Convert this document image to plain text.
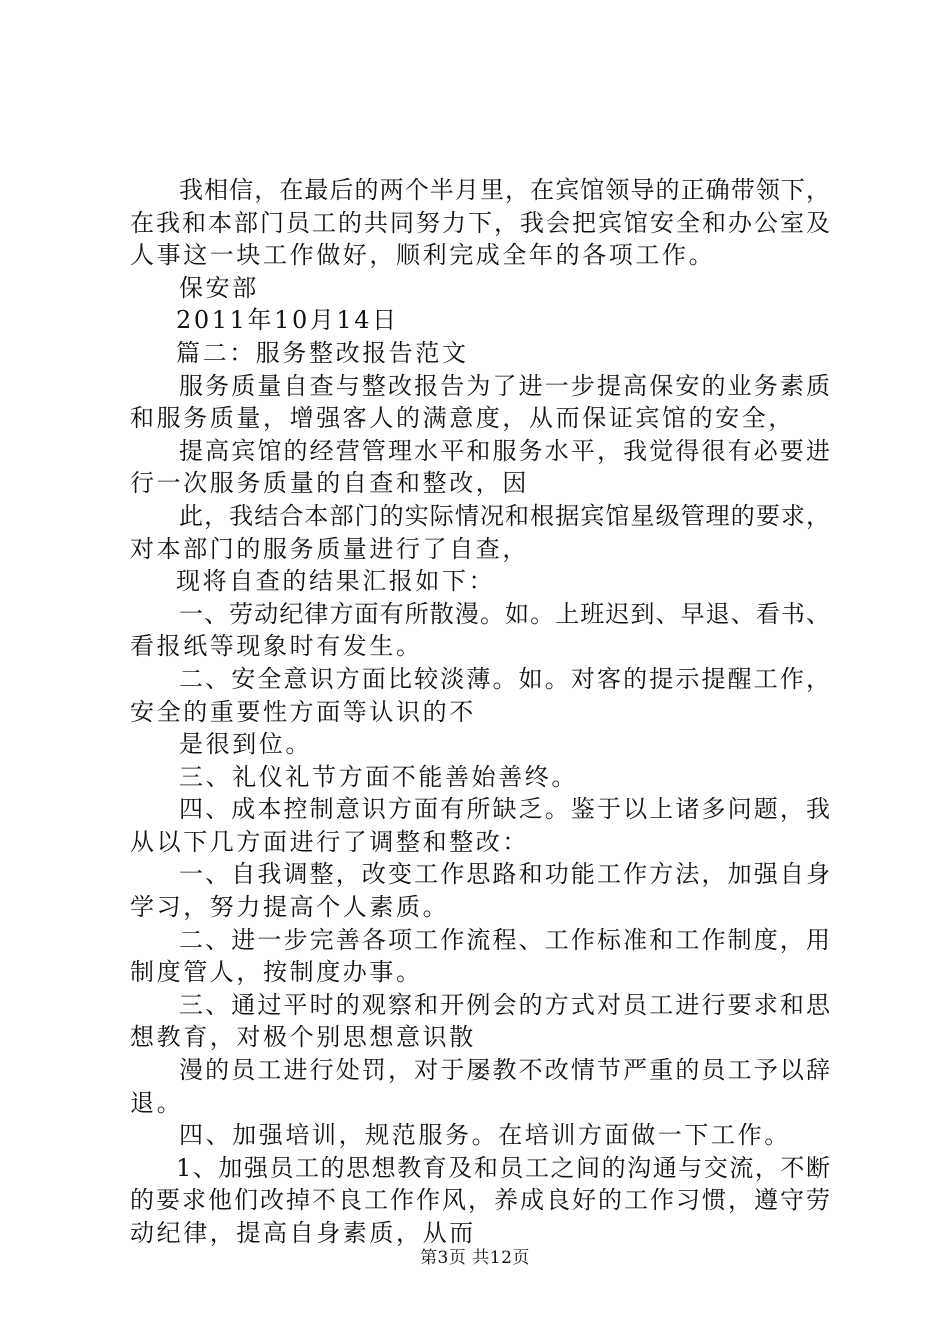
我相信，在最后的两个半月里，在宾馆领导的正确带领下，
在我和本部门员工的共同努力下，我会把宾馆安全和办公室及
人事这一块工作做好，顺利完成全年的各项工作。
保安部
2011年10月14日
篇二：服务整改报告范文
服务质量自查与整改报告为了进一步提高保安的业务素质
和服务质量，增强客人的满意度，从而保证宾馆的安全，
提高宾馆的经营管理水平和服务水平，我觉得很有必要进
行一次服务质量的自查和整改，因
此，我结合本部门的实际情况和根据宾馆星级管理的要求，
对本部门的服务质量进行了自查，
现将自查的结果汇报如下：
一、劳动纪律方面有所散漫。如。上班迟到、早退、看书、
看报纸等现象时有发生。
二、安全意识方面比较淡薄。如。对客的提示提醒工作，
安全的重要性方面等认识的不
是很到位。
三、礼仪礼节方面不能善始善终。
四、成本控制意识方面有所缺乏。鉴于以上诸多问题，我
从以下几方面进行了调整和整改：
一、自我调整，改变工作思路和功能工作方法，加强自身
学习，努力提高个人素质。
二、进一步完善各项工作流程、工作标准和工作制度，用
制度管人，按制度办事。
三、通过平时的观察和开例会的方式对员工进行要求和思
想教育，对极个别思想意识散
漫的员工进行处罚，对于屡教不改情节严重的员工予以辞
退。
四、加强培训，规范服务。在培训方面做一下工作。
1、加强员工的思想教育及和员工之间的沟通与交流，不断
的要求他们改掉不良工作作风，养成良好的工作习惯，遵守劳
动纪律，提高自身素质，从而
第3页 共12页
